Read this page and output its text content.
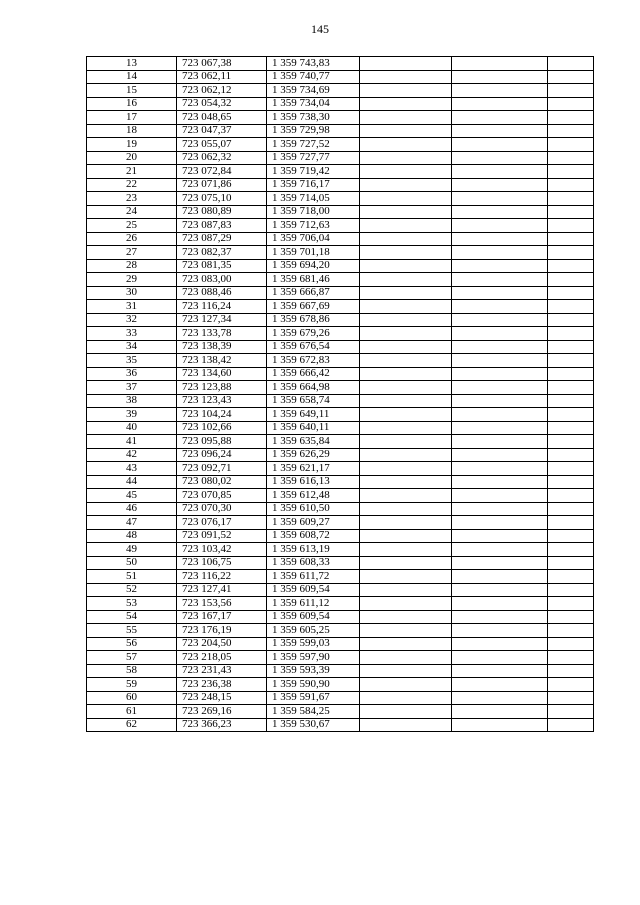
145
13	723 067,38	1 359 743,83			
14	723 062,11	1 359 740,77			
15	723 062,12	1 359 734,69			
16	723 054,32	1 359 734,04			
17	723 048,65	1 359 738,30			
18	723 047,37	1 359 729,98			
19	723 055,07	1 359 727,52			
20	723 062,32	1 359 727,77			
21	723 072,84	1 359 719,42			
22	723 071,86	1 359 716,17			
23	723 075,10	1 359 714,05			
24	723 080,89	1 359 718,00			
25	723 087,83	1 359 712,63			
26	723 087,29	1 359 706,04			
27	723 082,37	1 359 701,18			
28	723 081,35	1 359 694,20			
29	723 083,00	1 359 681,46			
30	723 088,46	1 359 666,87			
31	723 116,24	1 359 667,69			
32	723 127,34	1 359 678,86			
33	723 133,78	1 359 679,26			
34	723 138,39	1 359 676,54			
35	723 138,42	1 359 672,83			
36	723 134,60	1 359 666,42			
37	723 123,88	1 359 664,98			
38	723 123,43	1 359 658,74			
39	723 104,24	1 359 649,11			
40	723 102,66	1 359 640,11			
41	723 095,88	1 359 635,84			
42	723 096,24	1 359 626,29			
43	723 092,71	1 359 621,17			
44	723 080,02	1 359 616,13			
45	723 070,85	1 359 612,48			
46	723 070,30	1 359 610,50			
47	723 076,17	1 359 609,27			
48	723 091,52	1 359 608,72			
49	723 103,42	1 359 613,19			
50	723 106,75	1 359 608,33			
51	723 116,22	1 359 611,72			
52	723 127,41	1 359 609,54			
53	723 153,56	1 359 611,12			
54	723 167,17	1 359 609,54			
55	723 176,19	1 359 605,25			
56	723 204,50	1 359 599,03			
57	723 218,05	1 359 597,90			
58	723 231,43	1 359 593,39			
59	723 236,38	1 359 590,90			
60	723 248,15	1 359 591,67			
61	723 269,16	1 359 584,25			
62	723 366,23	1 359 530,67			
